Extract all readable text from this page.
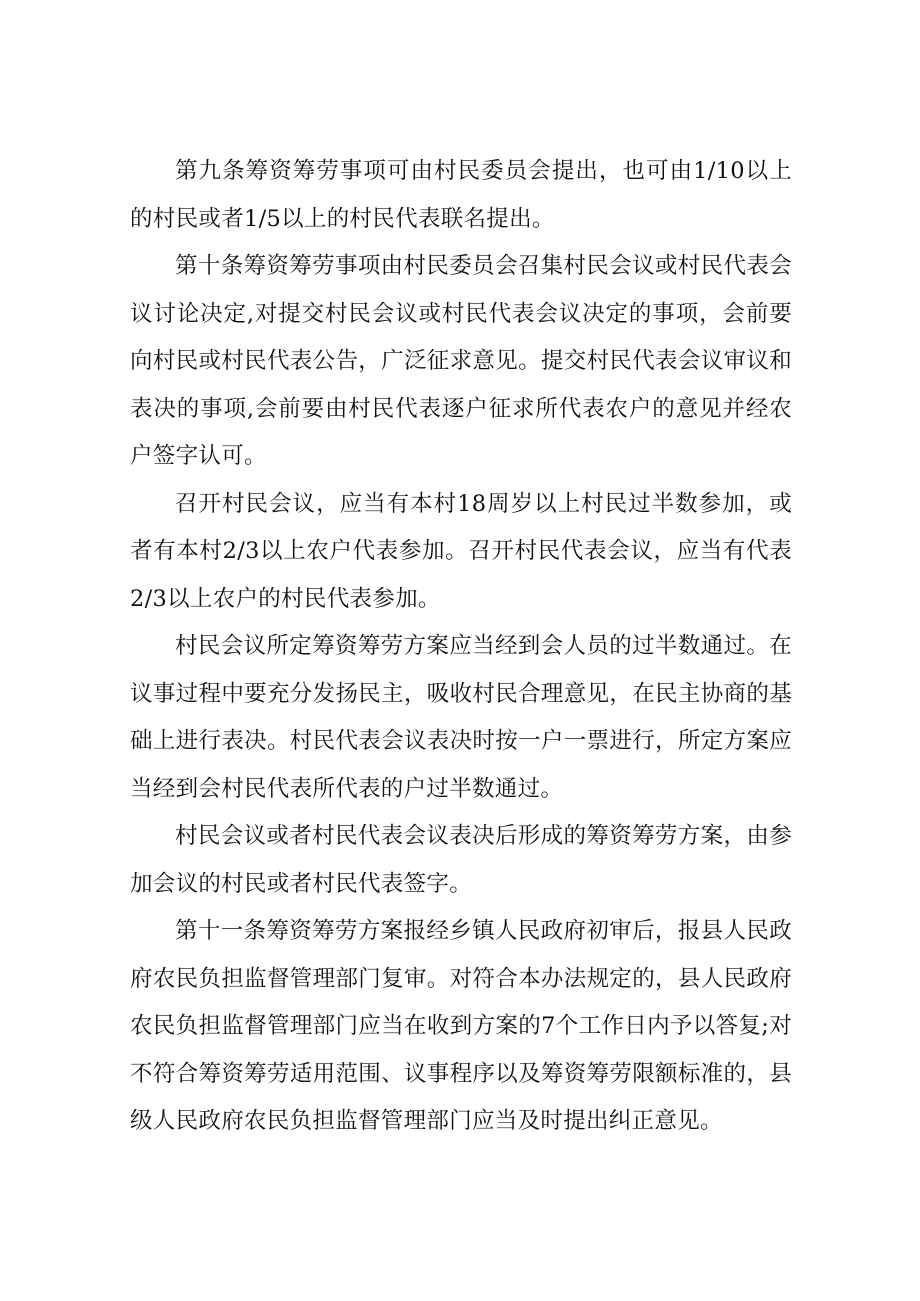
第九条筹资筹劳事项可由村民委员会提出，也可由1/10以上的村民或者1/5以上的村民代表联名提出。

第十条筹资筹劳事项由村民委员会召集村民会议或村民代表会议讨论决定,对提交村民会议或村民代表会议决定的事项，会前要向村民或村民代表公告，广泛征求意见。提交村民代表会议审议和表决的事项,会前要由村民代表逐户征求所代表农户的意见并经农户签字认可。

召开村民会议，应当有本村18周岁以上村民过半数参加，或者有本村2/3以上农户代表参加。召开村民代表会议，应当有代表2/3以上农户的村民代表参加。

村民会议所定筹资筹劳方案应当经到会人员的过半数通过。在议事过程中要充分发扬民主，吸收村民合理意见，在民主协商的基础上进行表决。村民代表会议表决时按一户一票进行，所定方案应当经到会村民代表所代表的户过半数通过。

村民会议或者村民代表会议表决后形成的筹资筹劳方案，由参加会议的村民或者村民代表签字。

第十一条筹资筹劳方案报经乡镇人民政府初审后，报县人民政府农民负担监督管理部门复审。对符合本办法规定的，县人民政府农民负担监督管理部门应当在收到方案的7个工作日内予以答复;对不符合筹资筹劳适用范围、议事程序以及筹资筹劳限额标准的，县级人民政府农民负担监督管理部门应当及时提出纠正意见。
